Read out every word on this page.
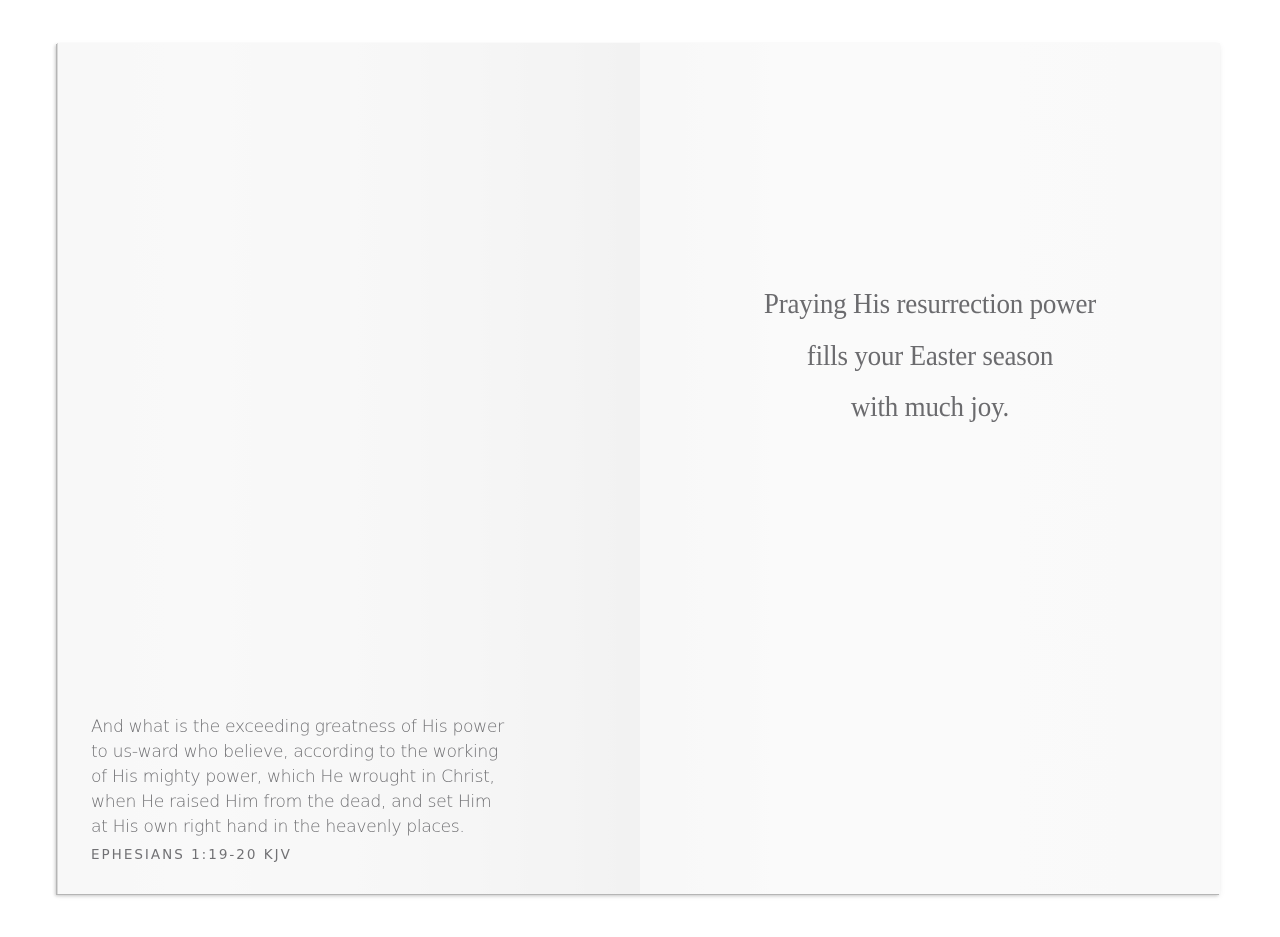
And what is the exceeding greatness of His power

to us-ward who believe, according to the working

of His mighty power, which He wrought in Christ,

when He raised Him from the dead, and set Him

at His own right hand in the heavenly places.

EPHESIANS 1:19-20 KJV

Praying His resurrection power

fills your Easter season

with much joy.
